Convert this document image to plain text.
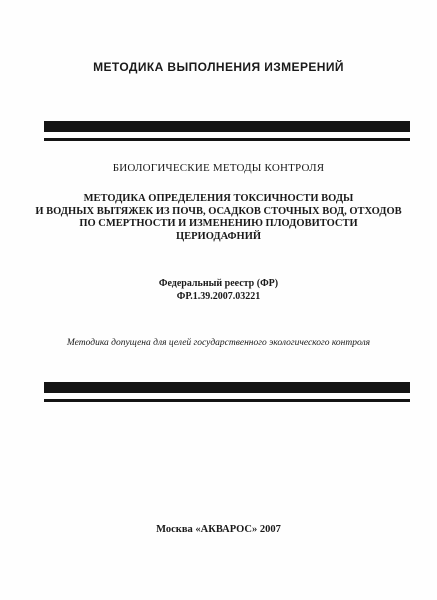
МЕТОДИКА ВЫПОЛНЕНИЯ ИЗМЕРЕНИЙ
БИОЛОГИЧЕСКИЕ МЕТОДЫ КОНТРОЛЯ
МЕТОДИКА ОПРЕДЕЛЕНИЯ ТОКСИЧНОСТИ ВОДЫ
И ВОДНЫХ ВЫТЯЖЕК ИЗ ПОЧВ, ОСАДКОВ СТОЧНЫХ ВОД, ОТХОДОВ
ПО СМЕРТНОСТИ И ИЗМЕНЕНИЮ ПЛОДОВИТОСТИ
ЦЕРИОДАФНИЙ
Федеральный реестр (ФР)
ФР.1.39.2007.03221
Методика допущена для целей государственного экологического контроля
Москва «АКВАРОС» 2007
